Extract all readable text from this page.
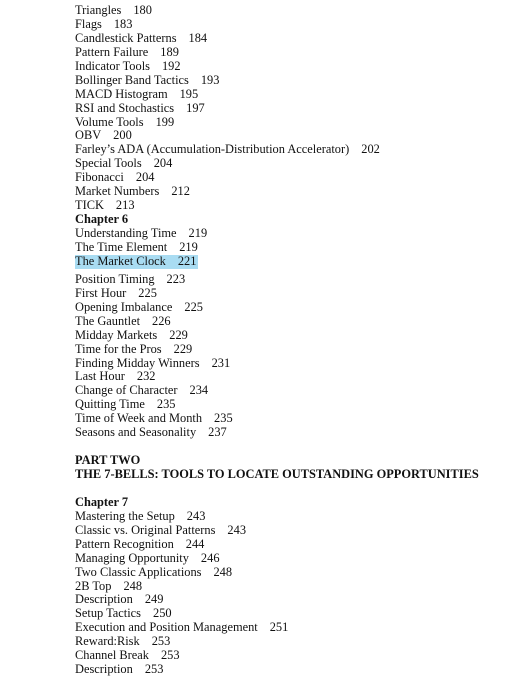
Triangles 180
Flags 183
Candlestick Patterns 184
Pattern Failure 189
Indicator Tools 192
Bollinger Band Tactics 193
MACD Histogram 195
RSI and Stochastics 197
Volume Tools 199
OBV 200
Farley’s ADA (Accumulation-Distribution Accelerator) 202
Special Tools 204
Fibonacci 204
Market Numbers 212
TICK 213
Chapter 6
Understanding Time 219
The Time Element 219
The Market Clock 221

Position Timing 223
First Hour 225
Opening Imbalance 225
The Gauntlet 226
Midday Markets 229
Time for the Pros 229
Finding Midday Winners 231
Last Hour 232
Change of Character 234
Quitting Time 235
Time of Week and Month 235
Seasons and Seasonality 237
PART TWO
THE 7-BELLS: TOOLS TO LOCATE OUTSTANDING OPPORTUNITIES
Chapter 7
Mastering the Setup 243
Classic vs. Original Patterns 243
Pattern Recognition 244
Managing Opportunity 246
Two Classic Applications 248
2B Top 248
Description 249
Setup Tactics 250
Execution and Position Management 251
Reward:Risk 253
Channel Break 253
Description 253
